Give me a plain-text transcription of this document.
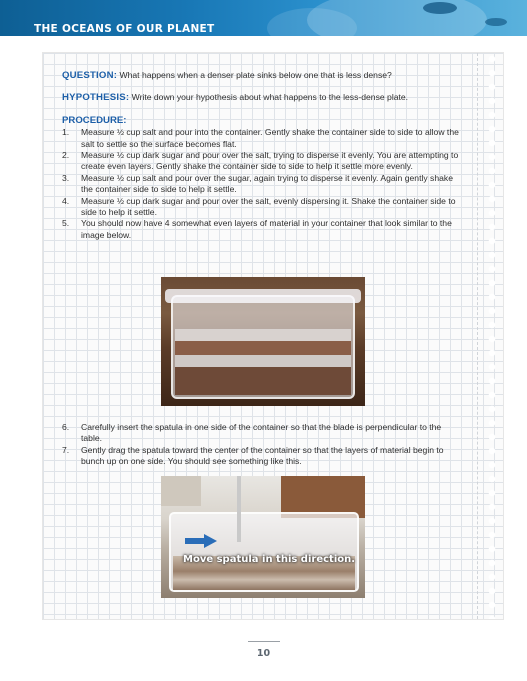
THE OCEANS OF OUR PLANET
QUESTION: What happens when a denser plate sinks below one that is less dense?
HYPOTHESIS: Write down your hypothesis about what happens to the less-dense plate.
PROCEDURE:
1. Measure ½ cup salt and pour into the container. Gently shake the container side to side to allow the salt to settle so the surface becomes flat.
2. Measure ½ cup dark sugar and pour over the salt, trying to disperse it evenly. You are attempting to create even layers. Gently shake the container side to side to help it settle more evenly.
3. Measure ½ cup salt and pour over the sugar, again trying to disperse it evenly. Again gently shake the container side to side to help it settle.
4. Measure ½ cup dark sugar and pour over the salt, evenly dispersing it. Shake the container side to side to help it settle.
5. You should now have 4 somewhat even layers of material in your container that look similar to the image below.
6. Carefully insert the spatula in one side of the container so that the blade is perpendicular to the table.
7. Gently drag the spatula toward the center of the container so that the layers of material begin to bunch up on one side. You should see something like this.
Move spatula in this direction.
10
